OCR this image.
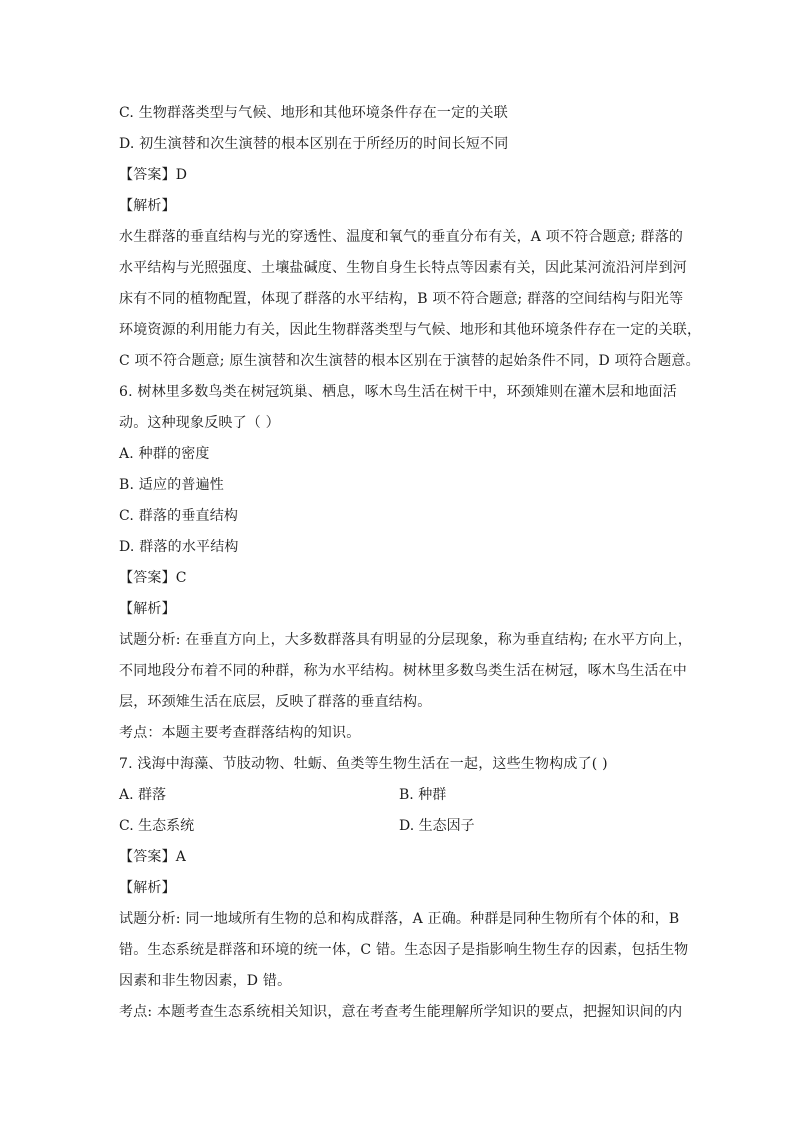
C. 生物群落类型与气候、地形和其他环境条件存在一定的关联
D. 初生演替和次生演替的根本区别在于所经历的时间长短不同
【答案】D
【解析】
水生群落的垂直结构与光的穿透性、温度和氧气的垂直分布有关，A 项不符合题意; 群落的
水平结构与光照强度、土壤盐碱度、生物自身生长特点等因素有关，因此某河流沿河岸到河
床有不同的植物配置，体现了群落的水平结构，B 项不符合题意; 群落的空间结构与阳光等
环境资源的利用能力有关，因此生物群落类型与气候、地形和其他环境条件存在一定的关联，
C 项不符合题意; 原生演替和次生演替的根本区别在于演替的起始条件不同，D 项符合题意。
6. 树林里多数鸟类在树冠筑巢、栖息，啄木鸟生活在树干中，环颈雉则在灌木层和地面活
动。这种现象反映了（ ）
A. 种群的密度
B. 适应的普遍性
C. 群落的垂直结构
D. 群落的水平结构
【答案】C
【解析】
试题分析: 在垂直方向上，大多数群落具有明显的分层现象，称为垂直结构; 在水平方向上，
不同地段分布着不同的种群，称为水平结构。树林里多数鸟类生活在树冠，啄木鸟生活在中
层，环颈雉生活在底层，反映了群落的垂直结构。
考点：本题主要考查群落结构的知识。
7. 浅海中海藻、节肢动物、牡蛎、鱼类等生物生活在一起，这些生物构成了( )
A. 群落	B. 种群
C. 生态系统	D. 生态因子
【答案】A
【解析】
试题分析: 同一地域所有生物的总和构成群落，A 正确。种群是同种生物所有个体的和，B
错。生态系统是群落和环境的统一体，C 错。生态因子是指影响生物生存的因素，包括生物
因素和非生物因素，D 错。
考点: 本题考查生态系统相关知识，意在考查考生能理解所学知识的要点，把握知识间的内
